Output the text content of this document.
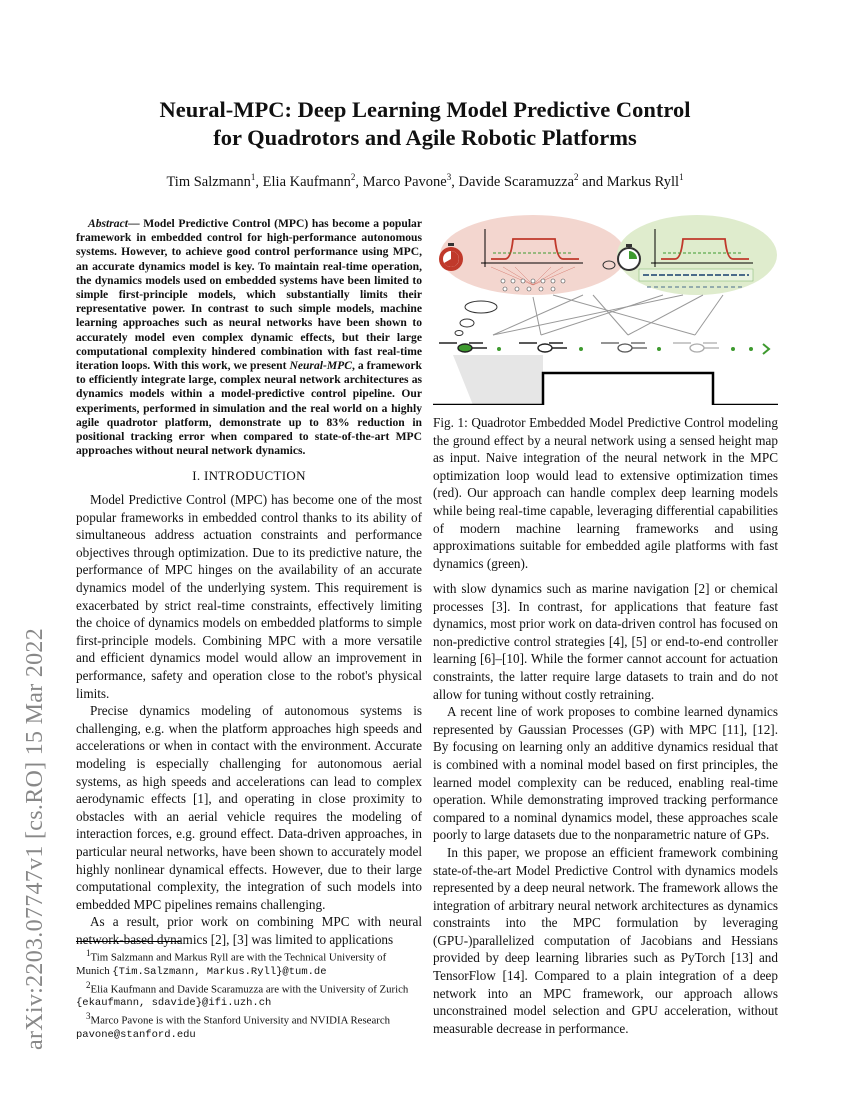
arXiv:2203.07747v1 [cs.RO] 15 Mar 2022
Neural-MPC: Deep Learning Model Predictive Control
for Quadrotors and Agile Robotic Platforms
Tim Salzmann$^1$, Elia Kaufmann$^2$, Marco Pavone$^3$, Davide Scaramuzza$^2$ and Markus Ryll$^1$

Abstract— Model Predictive Control (MPC) has become a popular framework in embedded control for high-performance autonomous systems. However, to achieve good control performance using MPC, an accurate dynamics model is key. To maintain real-time operation, the dynamics models used on embedded systems have been limited to simple first-principle models, which substantially limits their representative power. In contrast to such simple models, machine learning approaches such as neural networks have been shown to accurately model even complex dynamic effects, but their large computational complexity hindered combination with fast real-time iteration loops. With this work, we present Neural-MPC, a framework to efficiently integrate large, complex neural network architectures as dynamics models within a model-predictive control pipeline. Our experiments, performed in simulation and the real world on a highly agile quadrotor platform, demonstrate up to 83% reduction in positional tracking error when compared to state-of-the-art MPC approaches without neural network dynamics.

I. INTRODUCTION

Model Predictive Control (MPC) has become one of the most popular frameworks in embedded control thanks to its ability of simultaneous address actuation constraints and performance objectives through optimization. Due to its predictive nature, the performance of MPC hinges on the availability of an accurate dynamics model of the underlying system. This requirement is exacerbated by strict real-time constraints, effectively limiting the choice of dynamics models on embedded platforms to simple first-principle models. Combining MPC with a more versatile and efficient dynamics model would allow an improvement in performance, safety and operation close to the robot's physical limits.

Precise dynamics modeling of autonomous systems is challenging, e.g. when the platform approaches high speeds and accelerations or when in contact with the environment. Accurate modeling is especially challenging for autonomous aerial systems, as high speeds and accelerations can lead to complex aerodynamic effects [1], and operating in close proximity to obstacles with an aerial vehicle requires the modeling of interaction forces, e.g. ground effect. Data-driven approaches, in particular neural networks, have been shown to accurately model highly nonlinear dynamical effects. However, due to their large computational complexity, the integration of such models into embedded MPC pipelines remains challenging.

As a result, prior work on combining MPC with neural network-based dynamics [2], [3] was limited to applications

$^1$Tim Salzmann and Markus Ryll are with the Technical University of Munich {Tim.Salzmann, Markus.Ryll}@tum.de

$^2$Elia Kaufmann and Davide Scaramuzza are with the University of Zurich {ekaufmann, sdavide}@ifi.uzh.ch

$^3$Marco Pavone is with the Stanford University and NVIDIA Research pavone@stanford.edu

Fig. 1: Quadrotor Embedded Model Predictive Control modeling the ground effect by a neural network using a sensed height map as input. Naive integration of the neural network in the MPC optimization loop would lead to extensive optimization times (red). Our approach can handle complex deep learning models while being real-time capable, leveraging differential capabilities of modern machine learning frameworks and using approximations suitable for embedded agile platforms with fast dynamics (green).

with slow dynamics such as marine navigation [2] or chemical processes [3]. In contrast, for applications that feature fast dynamics, most prior work on data-driven control has focused on non-predictive control strategies [4], [5] or end-to-end controller learning [6]–[10]. While the former cannot account for actuation constraints, the latter require large datasets to train and do not allow for tuning without costly retraining.

A recent line of work proposes to combine learned dynamics represented by Gaussian Processes (GP) with MPC [11], [12]. By focusing on learning only an additive dynamics residual that is combined with a nominal model based on first principles, the learned model complexity can be reduced, enabling real-time operation. While demonstrating improved tracking performance compared to a nominal dynamics model, these approaches scale poorly to large datasets due to the nonparametric nature of GPs.

In this paper, we propose an efficient framework combining state-of-the-art Model Predictive Control with dynamics models represented by a deep neural network. The framework allows the integration of arbitrary neural network architectures as dynamics constraints into the MPC formulation by leveraging (GPU-)parallelized computation of Jacobians and Hessians provided by deep learning libraries such as PyTorch [13] and TensorFlow [14]. Compared to a plain integration of a deep network into an MPC framework, our approach allows unconstrained model selection and GPU acceleration, without measurable decrease in performance.
